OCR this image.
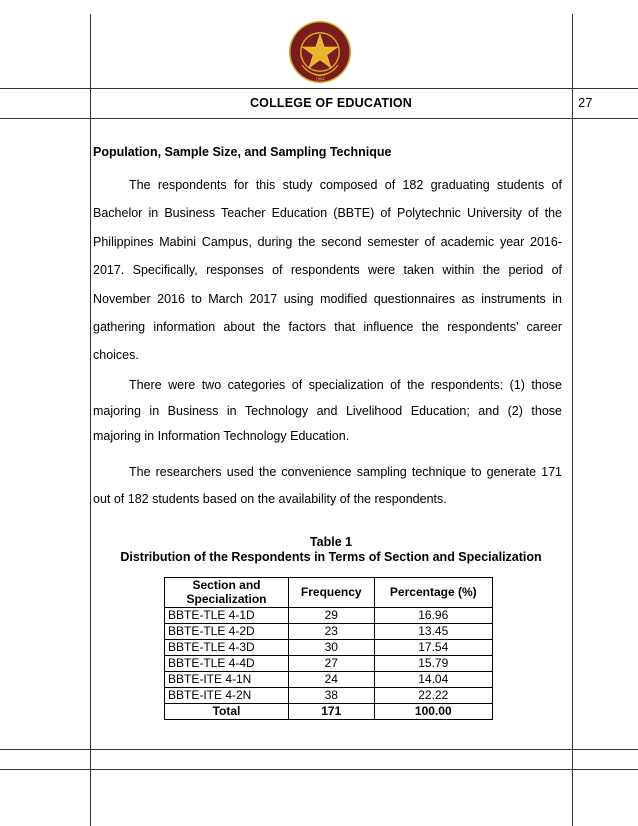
1904
COLLEGE OF EDUCATION	27
Population, Sample Size, and Sampling Technique

The respondents for this study composed of 182 graduating students of Bachelor in Business Teacher Education (BBTE) of Polytechnic University of the Philippines Mabini Campus, during the second semester of academic year 2016-2017. Specifically, responses of respondents were taken within the period of November 2016 to March 2017 using modified questionnaires as instruments in gathering information about the factors that influence the respondents’ career choices.

There were two categories of specialization of the respondents: (1) those majoring in Business in Technology and Livelihood Education; and (2) those majoring in Information Technology Education.

The researchers used the convenience sampling technique to generate 171 out of 182 students based on the availability of the respondents.

Table 1
Distribution of the Respondents in Terms of Section and Specialization
Section and Specialization	Frequency	Percentage (%)
BBTE-TLE 4-1D	29	16.96
BBTE-TLE 4-2D	23	13.45
BBTE-TLE 4-3D	30	17.54
BBTE-TLE 4-4D	27	15.79
BBTE-ITE 4-1N	24	14.04
BBTE-ITE 4-2N	38	22.22
Total	171	100.00
